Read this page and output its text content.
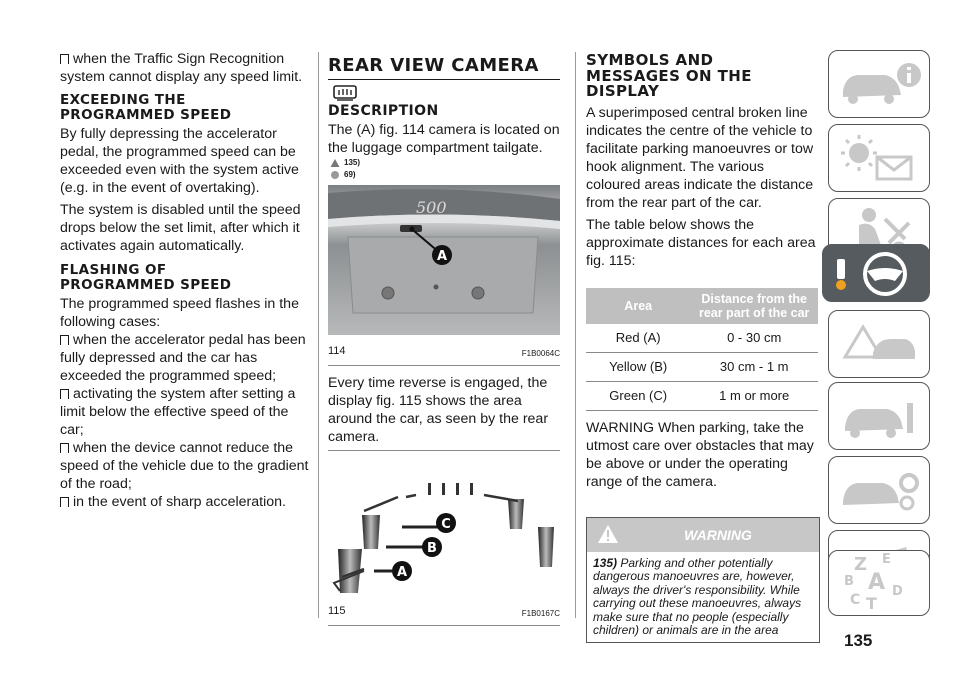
when the Traffic Sign Recognition system cannot display any speed limit.

EXCEEDING THE PROGRAMMED SPEED

By fully depressing the accelerator pedal, the programmed speed can be exceeded even with the system active (e.g. in the event of overtaking).

The system is disabled until the speed drops below the set limit, after which it activates again automatically.

FLASHING OF PROGRAMMED SPEED

The programmed speed flashes in the following cases:

when the accelerator pedal has been fully depressed and the car has exceeded the programmed speed;

activating the system after setting a limit below the effective speed of the car;

when the device cannot reduce the speed of the vehicle due to the gradient of the road;

in the event of sharp acceleration.

REAR VIEW CAMERA
DESCRIPTION

The (A) fig. 114 camera is located on the luggage compartment tailgate.

135)
69)
500
A
114	F1B0064C

Every time reverse is engaged, the display fig. 115 shows the area around the car, as seen by the rear camera.

C
B
A
115	F1B0167C
SYMBOLS AND MESSAGES ON THE DISPLAY

A superimposed central broken line indicates the centre of the vehicle to facilitate parking manoeuvres or tow hook alignment. The various coloured areas indicate the distance from the rear part of the car.

The table below shows the approximate distances for each area fig. 115:

Area	Distance from the rear part of the car
Red (A)	0 - 30 cm
Yellow (B)	30 cm - 1 m
Green (C)	1 m or more

WARNING When parking, take the utmost care over obstacles that may be above or under the operating range of the camera.

WARNING
135) Parking and other potentially dangerous manoeuvres are, however, always the driver's responsibility. While carrying out these manoeuvres, always make sure that no people (especially children) or animals are in the area
Z E
B A
C T
D
135
